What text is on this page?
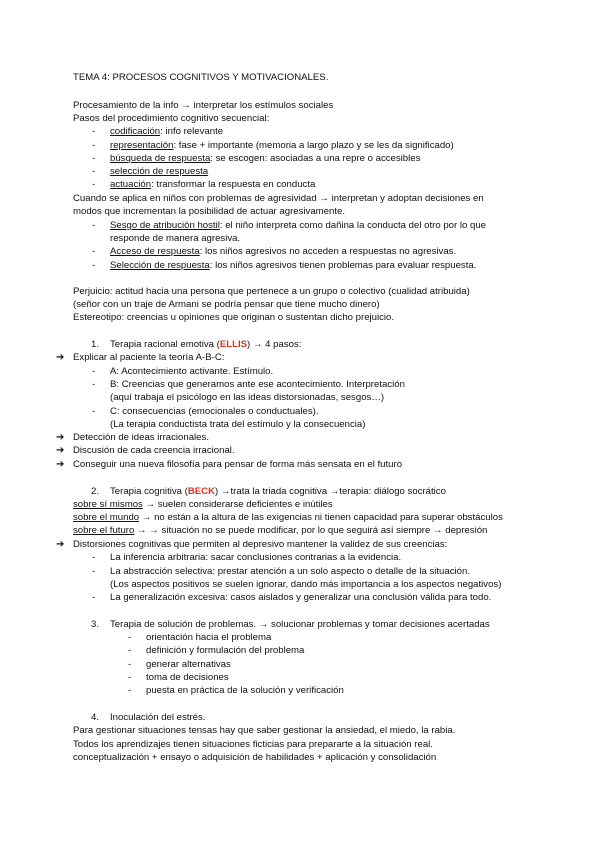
TEMA 4: PROCESOS COGNITIVOS Y MOTIVACIONALES.
Procesamiento de la info → interpretar los estímulos sociales
Pasos del procedimiento cognitivo secuencial:
- codificación: info relevante
- representación: fase + importante (memoria a largo plazo y se les da significado)
- búsqueda de respuesta: se escogen: asociadas a una repre o accesibles
- selección de respuesta
- actuación: transformar la respuesta en conducta
Cuando se aplica en niños con problemas de agresividad → interpretan y adoptan decisiones en
modos que incrementan la posibilidad de actuar agresivamente.
- Sesgo de atribución hostil: el niño interpreta como dañina la conducta del otro por lo que
responde de manera agresiva.
- Acceso de respuesta: los niños agresivos no acceden a respuestas no agresivas.
- Selección de respuesta: los niños agresivos tienen problemas para evaluar respuesta.
Perjuicio: actitud hacia una persona que pertenece a un grupo o colectivo (cualidad atribuida)
(señor con un traje de Armani se podría pensar que tiene mucho dinero)
Estereotipo: creencias u opiniones que originan o sustentan dicho prejuicio.
1. Terapia racional emotiva (ELLIS) → 4 pasos:
➔ Explicar al paciente la teoría A-B-C:
- A: Acontecimiento activante. Estímulo.
- B: Creencias que generamos ante ese acontecimiento. Interpretación
(aquí trabaja el psicólogo en las ideas distorsionadas, sesgos…)
- C: consecuencias (emocionales o conductuales).
(La terapia conductista trata del estímulo y la consecuencia)
➔ Detección de ideas irracionales.
➔ Discusión de cada creencia irracional.
➔ Conseguir una nueva filosofía para pensar de forma más sensata en el futuro
2. Terapia cognitiva (BECK) →trata la triada cognitiva →terapia: diálogo socrático
sobre sí mismos → suelen considerarse deficientes e inútiles
sobre el mundo → no están a la altura de las exigencias ni tienen capacidad para superar obstáculos
sobre el futuro → → situación no se puede modificar, por lo que seguirá así siempre → depresión
➔ Distorsiones cognitivas que permiten al depresivo mantener la validez de sus creencias:
- La inferencia arbitraria: sacar conclusiones contrarias a la evidencia.
- La abstracción selectiva: prestar atención a un solo aspecto o detalle de la situación.
(Los aspectos positivos se suelen ignorar, dando más importancia a los aspectos negativos)
- La generalización excesiva: casos aislados y generalizar una conclusión válida para todo.
3. Terapia de solución de problemas. → solucionar problemas y tomar decisiones acertadas
- orientación hacia el problema
- definición y formulación del problema
- generar alternativas
- toma de decisiones
- puesta en práctica de la solución y verificación
4. Inoculación del estrés.
Para gestionar situaciones tensas hay que saber gestionar la ansiedad, el miedo, la rabia.
Todos los aprendizajes tienen situaciones ficticias para prepararte a la situación real.
conceptualización + ensayo o adquisición de habilidades + aplicación y consolidación
